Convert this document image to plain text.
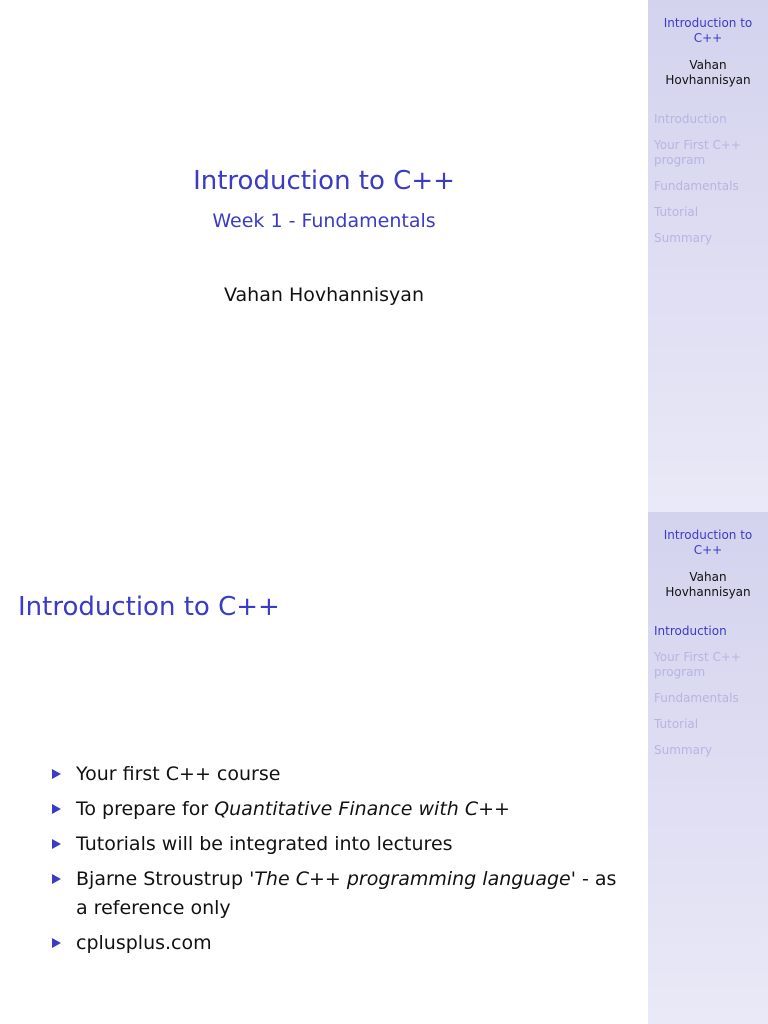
Introduction to C++
Vahan Hovhannisyan
Introduction
Your First C++ program
Fundamentals
Tutorial
Summary
Introduction to C++
Week 1 - Fundamentals
Vahan Hovhannisyan
Introduction to C++
Vahan Hovhannisyan
Introduction
Your First C++ program
Fundamentals
Tutorial
Summary
Introduction to C++
Your first C++ course
To prepare for Quantitative Finance with C++
Tutorials will be integrated into lectures
Bjarne Stroustrup 'The C++ programming language' - as a reference only
cplusplus.com
